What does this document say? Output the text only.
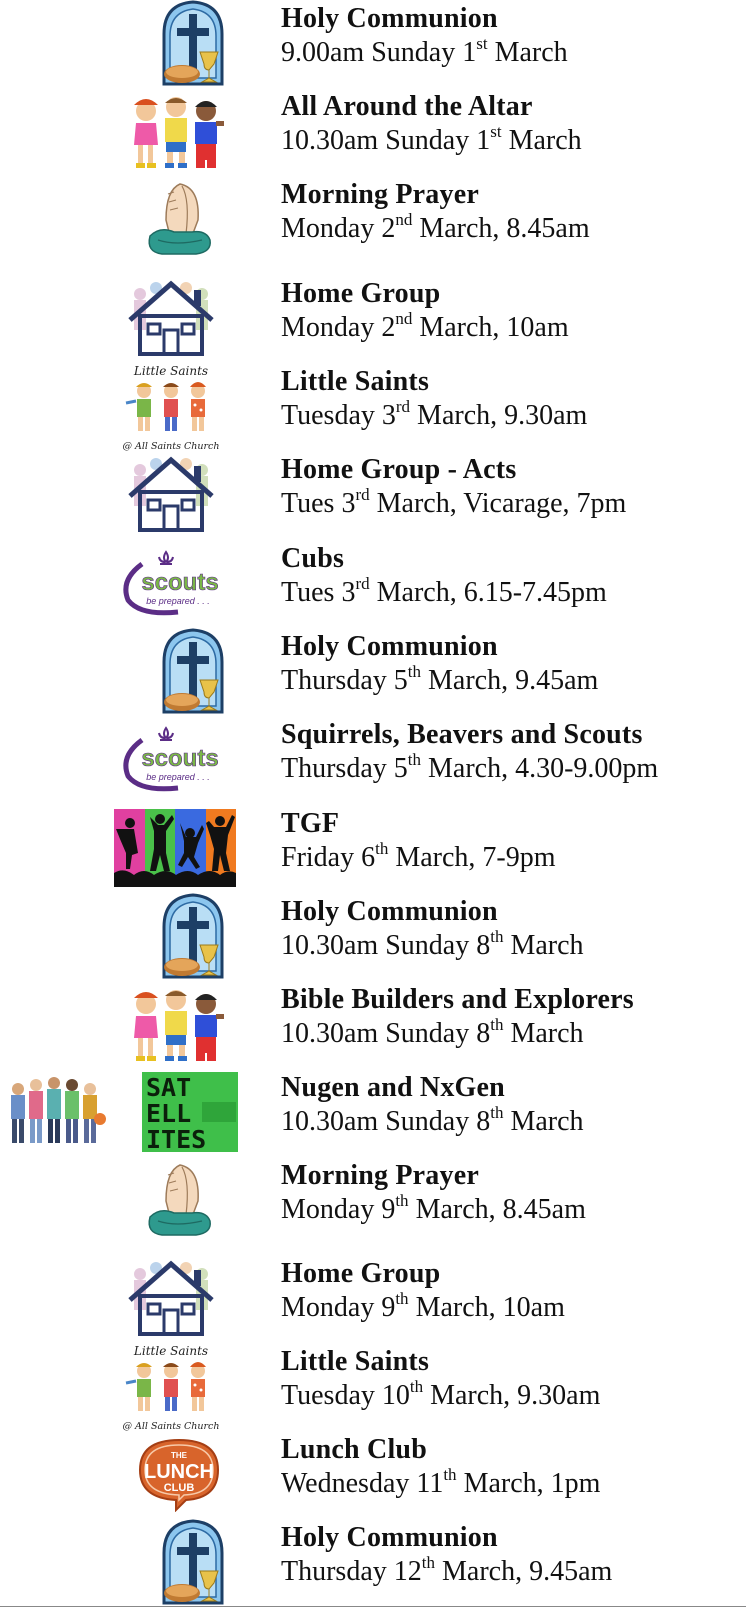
Holy Communion
9.00am Sunday 1st March
All Around the Altar
10.30am Sunday 1st March
Morning Prayer
Monday 2nd March, 8.45am
Home Group
Monday 2nd March, 10am
Little Saints
@ All Saints Church
Little Saints
Tuesday 3rd March, 9.30am
Home Group - Acts
Tues 3rd March, Vicarage, 7pm
scouts
be prepared . . .
Cubs
Tues 3rd March, 6.15-7.45pm
Holy Communion
Thursday 5th March, 9.45am
scouts
be prepared . . .
Squirrels, Beavers and Scouts
Thursday 5th March, 4.30-9.00pm
TGF
Friday 6th March, 7-9pm
Holy Communion
10.30am Sunday 8th March
Bible Builders and Explorers
10.30am Sunday 8th March
SAT
ELL
ITES
Nugen and NxGen
10.30am Sunday 8th March
Morning Prayer
Monday 9th March, 8.45am
Home Group
Monday 9th March, 10am
Little Saints
@ All Saints Church
Little Saints
Tuesday 10th March, 9.30am
THE
LUNCH
CLUB
Lunch Club
Wednesday 11th March, 1pm
Holy Communion
Thursday 12th March, 9.45am
